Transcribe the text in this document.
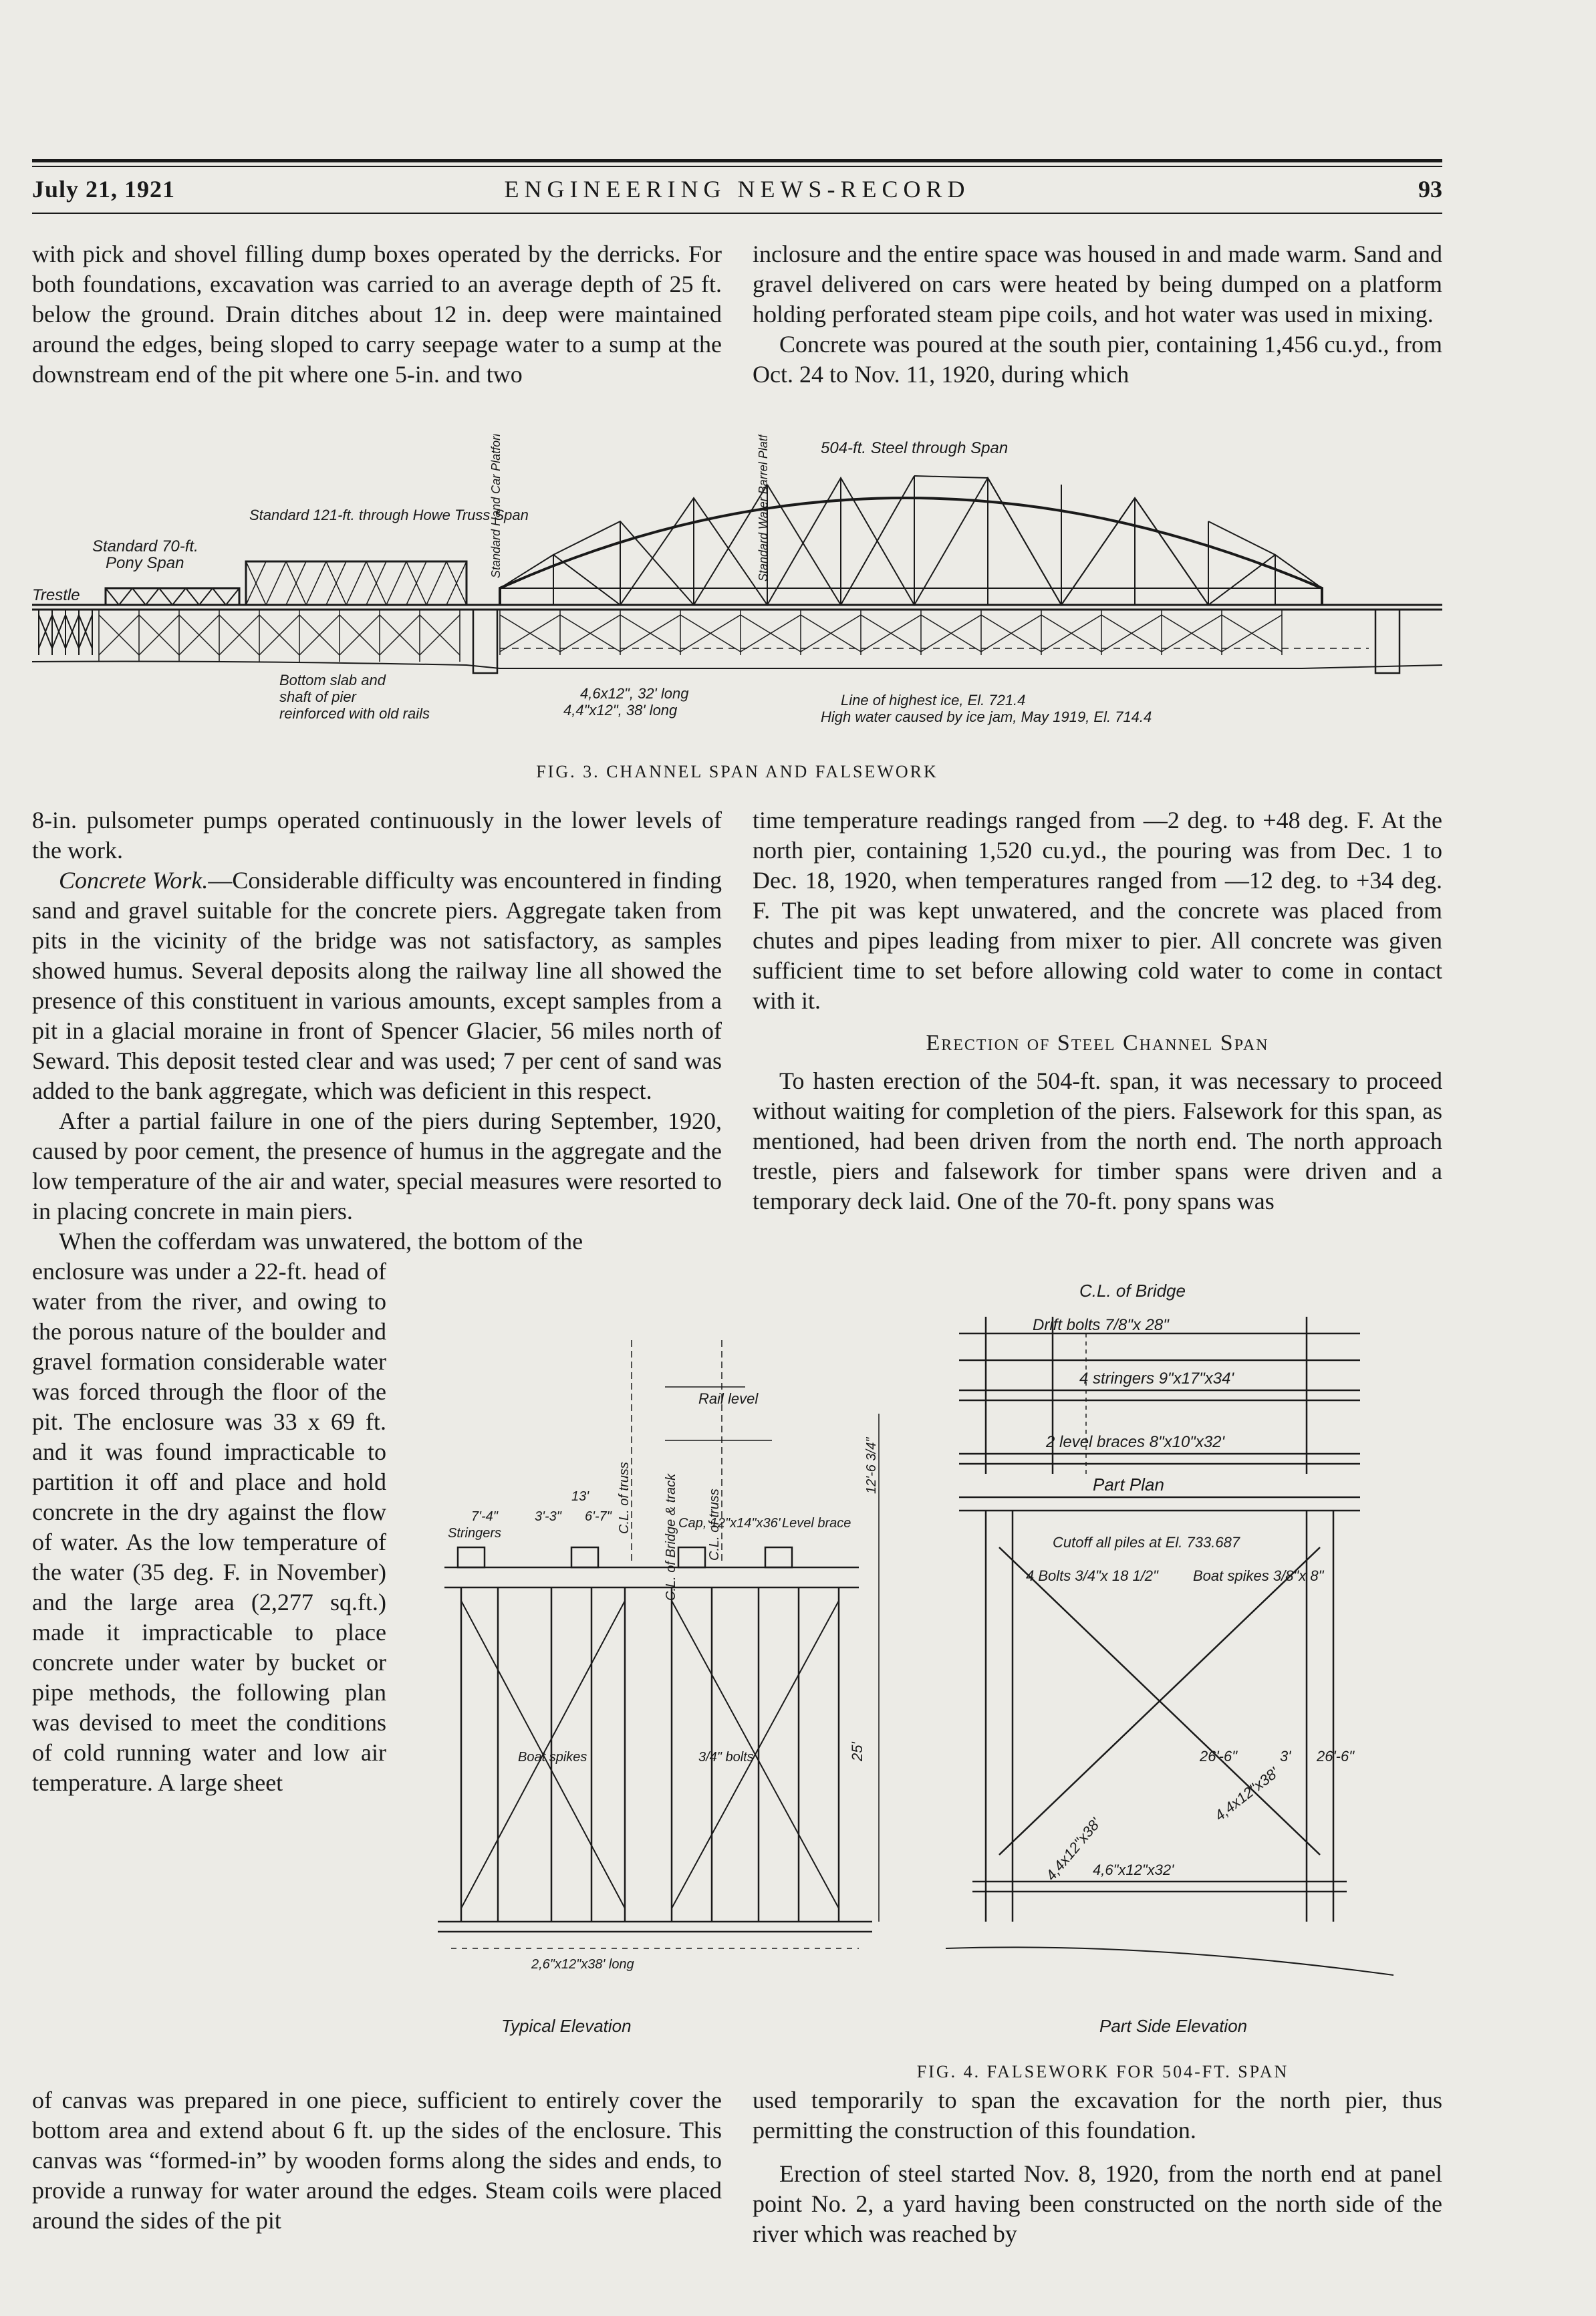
July 21, 1921	ENGINEERING NEWS-RECORD	93

with pick and shovel filling dump boxes operated by the derricks. For both foundations, excavation was carried to an average depth of 25 ft. below the ground. Drain ditches about 12 in. deep were maintained around the edges, being sloped to carry seepage water to a sump at the downstream end of the pit where one 5-in. and two

inclosure and the entire space was housed in and made warm. Sand and gravel delivered on cars were heated by being dumped on a platform holding perforated steam pipe coils, and hot water was used in mixing.

Concrete was poured at the south pier, containing 1,456 cu.yd., from Oct. 24 to Nov. 11, 1920, during which

504-ft. Steel through Span
Standard 121-ft. through Howe Truss Span
Standard 70-ft.
Pony Span
Trestle
Standard Hand Car Platform	Standard Water Barrel Platform
Bottom slab and
shaft of pier
reinforced with old rails
4,6x12", 32' long
4,4"x12", 38' long
Line of highest ice, El. 721.4
High water caused by ice jam, May 1919, El. 714.4
FIG. 3. CHANNEL SPAN AND FALSEWORK

8-in. pulsometer pumps operated continuously in the lower levels of the work.

Concrete Work.—Considerable difficulty was encountered in finding sand and gravel suitable for the concrete piers. Aggregate taken from pits in the vicinity of the bridge was not satisfactory, as samples showed humus. Several deposits along the railway line all showed the presence of this constituent in various amounts, except samples from a pit in a glacial moraine in front of Spencer Glacier, 56 miles north of Seward. This deposit tested clear and was used; 7 per cent of sand was added to the bank aggregate, which was deficient in this respect.

After a partial failure in one of the piers during September, 1920, caused by poor cement, the presence of humus in the aggregate and the low temperature of the air and water, special measures were resorted to in placing concrete in main piers.

When the cofferdam was unwatered, the bottom of the

enclosure was under a 22-ft. head of water from the river, and owing to the porous nature of the boulder and gravel formation considerable water was forced through the floor of the pit. The enclosure was 33 x 69 ft. and it was found impracticable to partition it off and place and hold concrete in the dry against the flow of water. As the low temperature of the water (35 deg. F. in November) and the large area (2,277 sq.ft.) made it impracticable to place concrete under water by bucket or pipe methods, the following plan was devised to meet the conditions of cold running water and low air temperature. A large sheet

C.L. of Bridge
Drift bolts 7/8"x 28"
4 stringers 9"x17"x34'
2 level braces 8"x10"x32'
Part Plan
Cutoff all piles at El. 733.687
4 Bolts 3/4"x 18 1/2" Boat spikes 3/8"x 8"
26'-6"	3' 26'-6"
4,4x12"x38'
4,4x12"x38'
4,6"x12"x32'
Part Side Elevation
Rail level
C.L. of truss
C.L. of truss C.L. of Bridge & track Cap, 12"x14"x36' Level brace
12'-6 3/4"
13'
7'-4"	3'-3" 6'-7"
Stringers
25'
Typical Elevation
2,6"x12"x38' long
Boat spikes	3/4" bolts
FIG. 4. FALSEWORK FOR 504-FT. SPAN

time temperature readings ranged from —2 deg. to +48 deg. F. At the north pier, containing 1,520 cu.yd., the pouring was from Dec. 1 to Dec. 18, 1920, when temperatures ranged from —12 deg. to +34 deg. F. The pit was kept unwatered, and the concrete was placed from chutes and pipes leading from mixer to pier. All concrete was given sufficient time to set before allowing cold water to come in contact with it.

Erection of Steel Channel Span

To hasten erection of the 504-ft. span, it was necessary to proceed without waiting for completion of the piers. Falsework for this span, as mentioned, had been driven from the north end. The north approach trestle, piers and falsework for timber spans were driven and a temporary deck laid. One of the 70-ft. pony spans was

of canvas was prepared in one piece, sufficient to entirely cover the bottom area and extend about 6 ft. up the sides of the enclosure. This canvas was “formed-in” by wooden forms along the sides and ends, to provide a runway for water around the edges. Steam coils were placed around the sides of the pit

used temporarily to span the excavation for the north pier, thus permitting the construction of this foundation.

Erection of steel started Nov. 8, 1920, from the north end at panel point No. 2, a yard having been constructed on the north side of the river which was reached by
